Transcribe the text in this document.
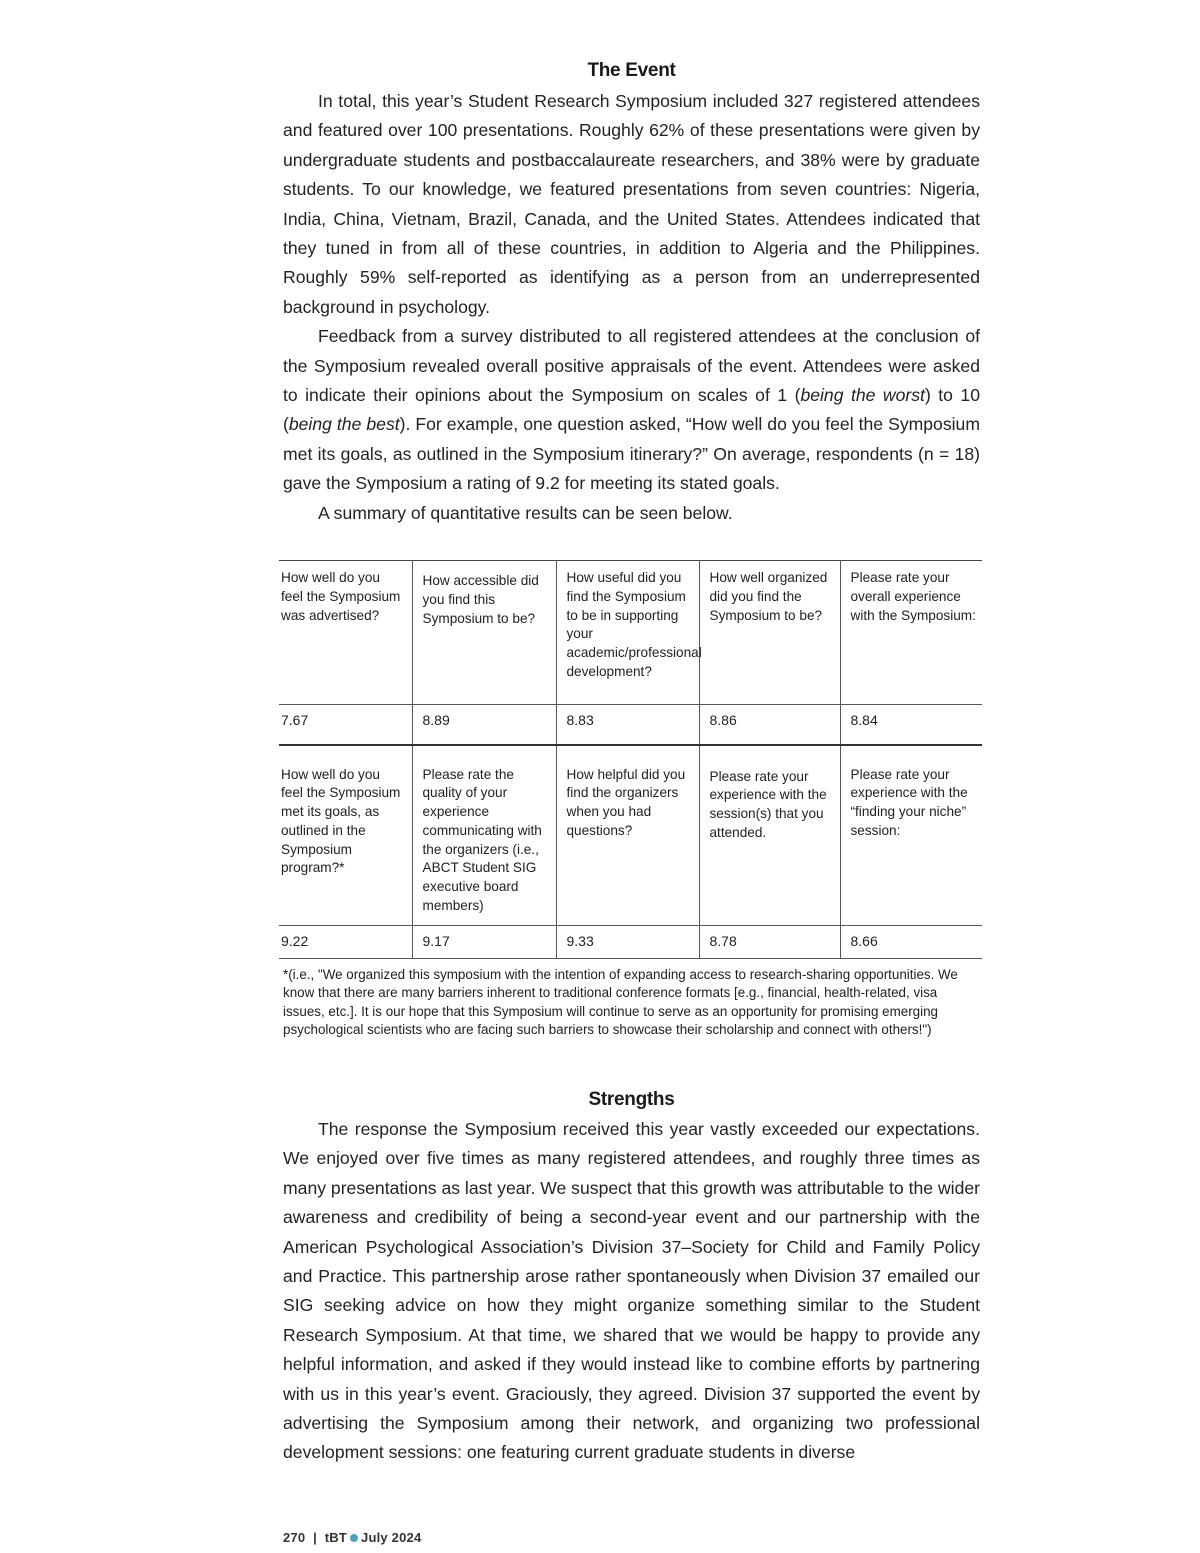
The Event

In total, this year’s Student Research Symposium included 327 registered attendees and featured over 100 presentations. Roughly 62% of these presentations were given by undergraduate students and postbaccalaureate researchers, and 38% were by graduate students. To our knowledge, we featured presentations from seven countries: Nigeria, India, China, Vietnam, Brazil, Canada, and the United States. Attendees indicated that they tuned in from all of these countries, in addition to Algeria and the Philippines. Roughly 59% self-reported as identifying as a person from an underrepresented background in psychology.

Feedback from a survey distributed to all registered attendees at the conclusion of the Symposium revealed overall positive appraisals of the event. Attendees were asked to indicate their opinions about the Symposium on scales of 1 (being the worst) to 10 (being the best). For example, one question asked, “How well do you feel the Symposium met its goals, as outlined in the Symposium itinerary?” On average, respondents (n = 18) gave the Symposium a rating of 9.2 for meeting its stated goals.

A summary of quantitative results can be seen below.

How well do you feel the Symposium was advertised?	How accessible did you find this Symposium to be?	How useful did you find the Symposium to be in supporting your academic/professional development?	How well organized did you find the Symposium to be?	Please rate your overall experience with the Symposium:
7.67	8.89	8.83	8.86	8.84
How well do you feel the Symposium met its goals, as outlined in the Symposium program?*	Please rate the quality of your experience communicating with the organizers (i.e., ABCT Student SIG executive board members)	How helpful did you find the organizers when you had questions?	Please rate your experience with the session(s) that you attended.	Please rate your experience with the “finding your niche” session:
9.22	9.17	9.33	8.78	8.66
*(i.e., "We organized this symposium with the intention of expanding access to research-sharing opportunities. We know that there are many barriers inherent to traditional conference formats [e.g., financial, health-related, visa issues, etc.]. It is our hope that this Symposium will continue to serve as an opportunity for promising emerging psychological scientists who are facing such barriers to showcase their scholarship and connect with others!")
Strengths

The response the Symposium received this year vastly exceeded our expectations. We enjoyed over five times as many registered attendees, and roughly three times as many presentations as last year. We suspect that this growth was attributable to the wider awareness and credibility of being a second-year event and our partnership with the American Psychological Association’s Division 37–Society for Child and Family Policy and Practice. This partnership arose rather spontaneously when Division 37 emailed our SIG seeking advice on how they might organize something similar to the Student Research Symposium. At that time, we shared that we would be happy to provide any helpful information, and asked if they would instead like to combine efforts by partnering with us in this year’s event. Graciously, they agreed. Division 37 supported the event by advertising the Symposium among their network, and organizing two professional development sessions: one featuring current graduate students in diverse

270 | tBT July 2024
